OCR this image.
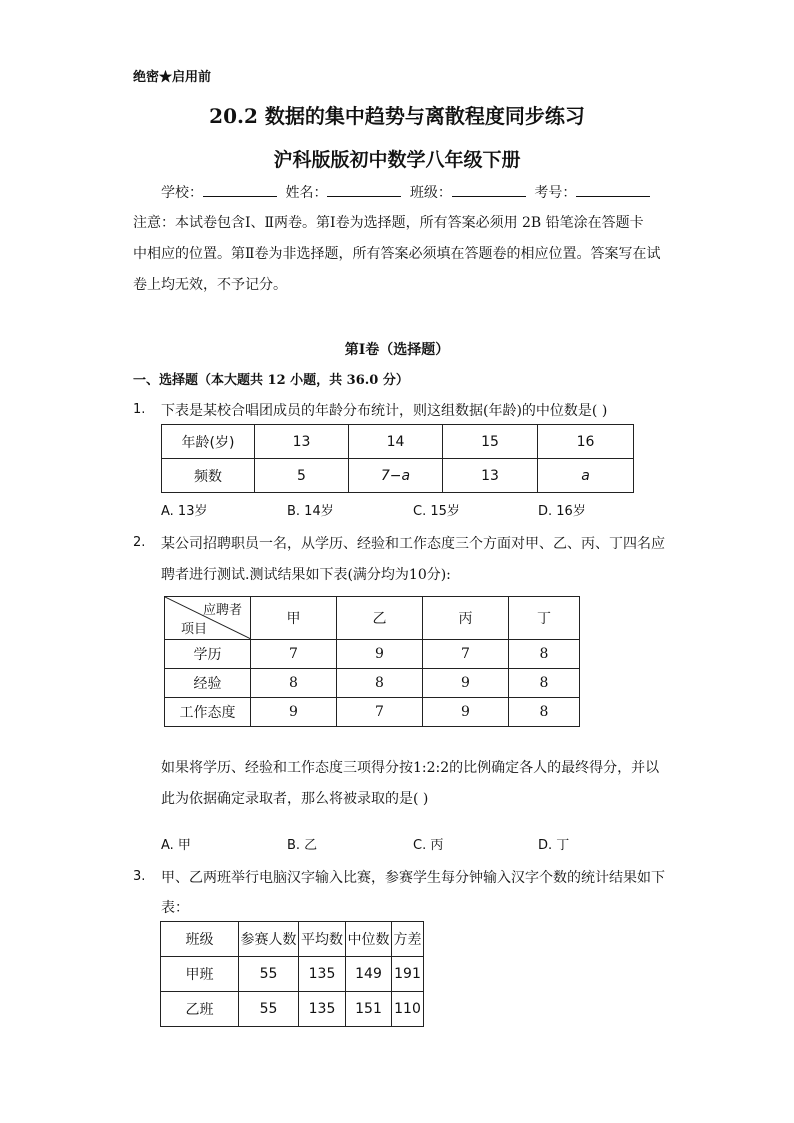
绝密★启用前
20.2 数据的集中趋势与离散程度同步练习
沪科版版初中数学八年级下册
学校：	姓名：	班级：	考号：
注意：本试卷包含Ⅰ、Ⅱ两卷。第Ⅰ卷为选择题，所有答案必须用 2B 铅笔涂在答题卡
中相应的位置。第Ⅱ卷为非选择题，所有答案必须填在答题卷的相应位置。答案写在试
卷上均无效，不予记分。
第Ⅰ卷（选择题）
一、选择题（本大题共 12 小题，共 36.0 分）
1. 下表是某校合唱团成员的年龄分布统计，则这组数据(年龄)的中位数是( )
年龄(岁)	13	14	15	16
频数	5	7−a	13	a
A. 13岁	B. 14岁	C. 15岁	D. 16岁
2. 某公司招聘职员一名，从学历、经验和工作态度三个方面对甲、乙、丙、丁四名应
聘者进行测试.测试结果如下表(满分均为10分):
应聘者
项目	甲	乙	丙	丁
学历	7	9	7	8
经验	8	8	9	8
工作态度	9	7	9	8
如果将学历、经验和工作态度三项得分按1:2:2的比例确定各人的最终得分，并以
此为依据确定录取者，那么将被录取的是( )
A. 甲	B. 乙	C. 丙	D. 丁
3. 甲、乙两班举行电脑汉字输入比赛，参赛学生每分钟输入汉字个数的统计结果如下
表：
班级	参赛人数	平均数	中位数	方差
甲班	55	135	149	191
乙班	55	135	151	110
